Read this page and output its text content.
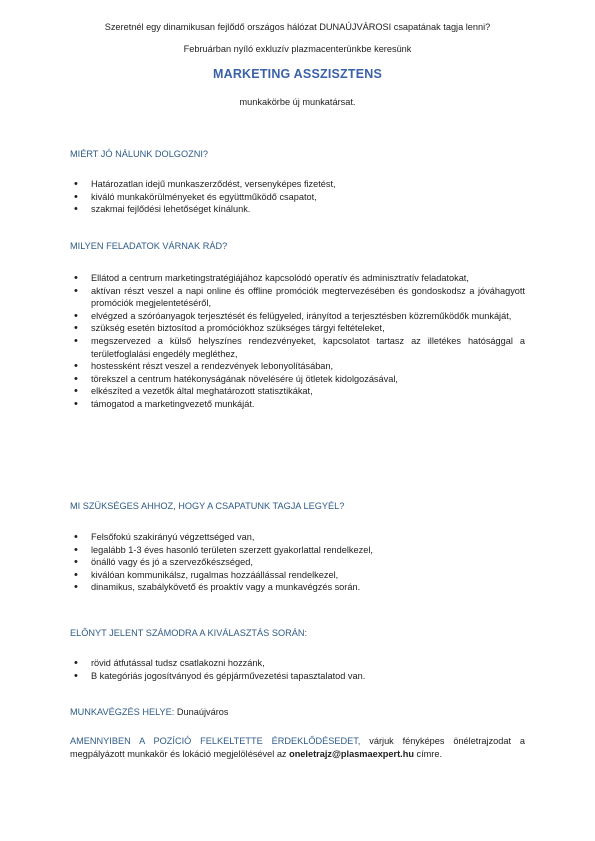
Szeretnél egy dinamikusan fejlődő országos hálózat DUNAÚJVÁROSI csapatának tagja lenni?
Februárban nyíló exkluzív plazmacenterünkbe keresünk
MARKETING ASSZISZTENS
munkakörbe új munkatársat.
MIÉRT JÓ NÁLUNK DOLGOZNI?
• Határozatlan idejű munkaszerződést, versenyképes fizetést,
• kiváló munkakörülményeket és együttműködő csapatot,
• szakmai fejlődési lehetőséget kínálunk.
MILYEN FELADATOK VÁRNAK RÁD?
• Ellátod a centrum marketingstratégiájához kapcsolódó operatív és adminisztratív feladatokat,
• aktívan részt veszel a napi online és offline promóciók megtervezésében és gondoskodsz a jóváhagyott promóciók megjelentetéséről,
• elvégzed a szóróanyagok terjesztését és felügyeled, irányítod a terjesztésben közreműködők munkáját,
• szükség esetén biztosítod a promóciókhoz szükséges tárgyi feltételeket,
• megszervezed a külső helyszínes rendezvényeket, kapcsolatot tartasz az illetékes hatósággal a területfoglalási engedély megléthez,
• hostessként részt veszel a rendezvények lebonyolításában,
• törekszel a centrum hatékonyságának növelésére új ötletek kidolgozásával,
• elkészíted a vezetők által meghatározott statisztikákat,
• támogatod a marketingvezető munkáját.
MI SZÜKSÉGES AHHOZ, HOGY A CSAPATUNK TAGJA LEGYÉL?
• Felsőfokú szakirányú végzettséged van,
• legalább 1-3 éves hasonló területen szerzett gyakorlattal rendelkezel,
• önálló vagy és jó a szervezőkészséged,
• kiválóan kommunikálsz, rugalmas hozzáállással rendelkezel,
• dinamikus, szabálykövető és proaktív vagy a munkavégzés során.
ELŐNYT JELENT SZÁMODRA A KIVÁLASZTÁS SORÁN:
• rövid átfutással tudsz csatlakozni hozzánk,
• B kategóriás jogosítványod és gépjárművezetési tapasztalatod van.
MUNKAVÉGZÉS HELYE: Dunaújváros
AMENNYIBEN A POZÍCIÓ FELKELTETTE ÉRDEKLŐDÉSEDET, várjuk fényképes önéletrajzodat a megpályázott munkakör és lokáció megjelölésével az oneletrajz@plasmaexpert.hu címre.
